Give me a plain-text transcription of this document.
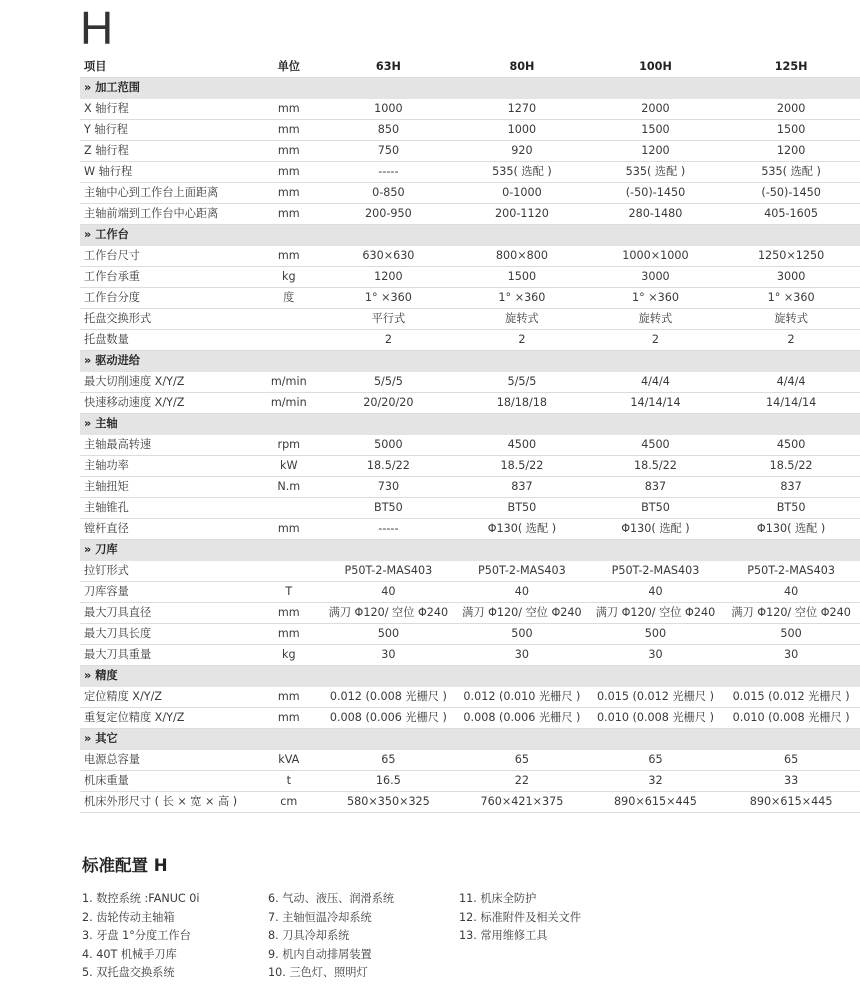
H
项目	单位	63H	80H	100H	125H
» 加工范围					
X 轴行程	mm	1000	1270	2000	2000
Y 轴行程	mm	850	1000	1500	1500
Z 轴行程	mm	750	920	1200	1200
W 轴行程	mm	-----	535( 选配 )	535( 选配 )	535( 选配 )
主轴中心到工作台上面距离	mm	0-850	0-1000	(-50)-1450	(-50)-1450
主轴前端到工作台中心距离	mm	200-950	200-1120	280-1480	405-1605
» 工作台					
工作台尺寸	mm	630×630	800×800	1000×1000	1250×1250
工作台承重	kg	1200	1500	3000	3000
工作台分度	度	1° ×360	1° ×360	1° ×360	1° ×360
托盘交换形式		平行式	旋转式	旋转式	旋转式
托盘数量		2	2	2	2
» 驱动进给					
最大切削速度 X/Y/Z	m/min	5/5/5	5/5/5	4/4/4	4/4/4
快速移动速度 X/Y/Z	m/min	20/20/20	18/18/18	14/14/14	14/14/14
» 主轴					
主轴最高转速	rpm	5000	4500	4500	4500
主轴功率	kW	18.5/22	18.5/22	18.5/22	18.5/22
主轴扭矩	N.m	730	837	837	837
主轴锥孔		BT50	BT50	BT50	BT50
镗杆直径	mm	-----	Φ130( 选配 )	Φ130( 选配 )	Φ130( 选配 )
» 刀库					
拉钉形式		P50T-2-MAS403	P50T-2-MAS403	P50T-2-MAS403	P50T-2-MAS403
刀库容量	T	40	40	40	40
最大刀具直径	mm	满刀 Φ120/ 空位 Φ240	满刀 Φ120/ 空位 Φ240	满刀 Φ120/ 空位 Φ240	满刀 Φ120/ 空位 Φ240
最大刀具长度	mm	500	500	500	500
最大刀具重量	kg	30	30	30	30
» 精度					
定位精度 X/Y/Z	mm	0.012 (0.008 光栅尺 )	0.012 (0.010 光栅尺 )	0.015 (0.012 光栅尺 )	0.015 (0.012 光栅尺 )
重复定位精度 X/Y/Z	mm	0.008 (0.006 光栅尺 )	0.008 (0.006 光栅尺 )	0.010 (0.008 光栅尺 )	0.010 (0.008 光栅尺 )
» 其它					
电源总容量	kVA	65	65	65	65
机床重量	t	16.5	22	32	33
机床外形尺寸 ( 长 × 宽 × 高 )	cm	580×350×325	760×421×375	890×615×445	890×615×445
标准配置 H
1. 数控系统 :FANUC 0i
2. 齿轮传动主轴箱
3. 牙盘 1°分度工作台
4. 40T 机械手刀库
5. 双托盘交换系统
6. 气动、液压、润滑系统
7. 主轴恒温冷却系统
8. 刀具冷却系统
9. 机内自动排屑装置
10. 三色灯、照明灯
11. 机床全防护
12. 标准附件及相关文件
13. 常用维修工具
